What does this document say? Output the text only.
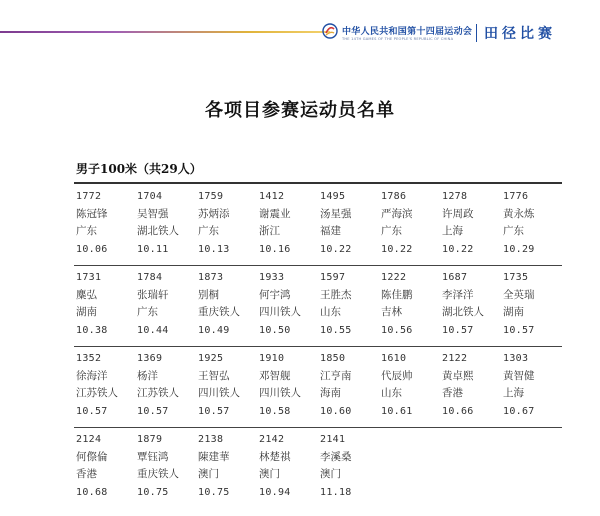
中华人民共和国第十四届运动会
THE 14TH GAMES OF THE PEOPLE'S REPUBLIC OF CHINA 田径比赛
各项目参赛运动员名单
男子100米（共29人）
1772
陈冠锋
广东
10.06
1704
吴智强
湖北铁人
10.11
1759
苏炳添
广东
10.13
1412
谢震业
浙江
10.16
1495
汤星强
福建
10.22
1786
严海滨
广东
10.22
1278
许周政
上海
10.22
1776
黄永炼
广东
10.29
1731
麋弘
湖南
10.38
1784
张瑞轩
广东
10.44
1873
别桐
重庆铁人
10.49
1933
何宇鸿
四川铁人
10.50
1597
王胜杰
山东
10.55
1222
陈佳鹏
吉林
10.56
1687
李泽洋
湖北铁人
10.57
1735
全英瑞
湖南
10.57
1352
徐海洋
江苏铁人
10.57
1369
杨洋
江苏铁人
10.57
1925
王智弘
四川铁人
10.57
1910
邓智舰
四川铁人
10.58
1850
江亨南
海南
10.60
1610
代辰帅
山东
10.61
2122
黄卓熙
香港
10.66
1303
黄智健
上海
10.67
2124
何傺倫
香港
10.68
1879
覃钰鸿
重庆铁人
10.75
2138
陳建華
澳门
10.75
2142
林楚祺
澳门
10.94
2141
李溪桑
澳门
11.18
